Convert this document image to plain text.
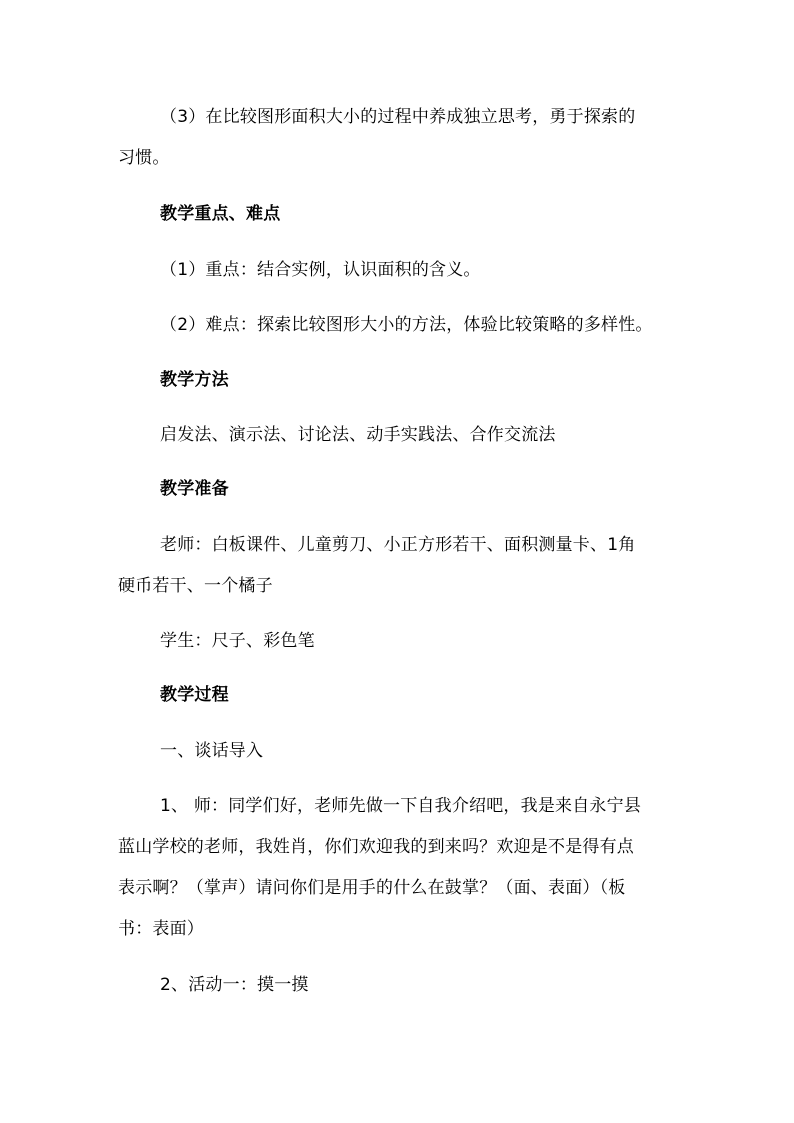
（3）在比较图形面积大小的过程中养成独立思考，勇于探索的
习惯。
教学重点、难点
（1）重点：结合实例，认识面积的含义。
（2）难点：探索比较图形大小的方法，体验比较策略的多样性。
教学方法
启发法、演示法、讨论法、动手实践法、合作交流法
教学准备
老师：白板课件、儿童剪刀、小正方形若干、面积测量卡、1角
硬币若干、一个橘子
学生：尺子、彩色笔
教学过程
一、谈话导入
1、 师：同学们好，老师先做一下自我介绍吧，我是来自永宁县
蓝山学校的老师，我姓肖，你们欢迎我的到来吗？欢迎是不是得有点
表示啊？（掌声）请问你们是用手的什么在鼓掌？（面、表面）（板
书：表面）
2、活动一：摸一摸
